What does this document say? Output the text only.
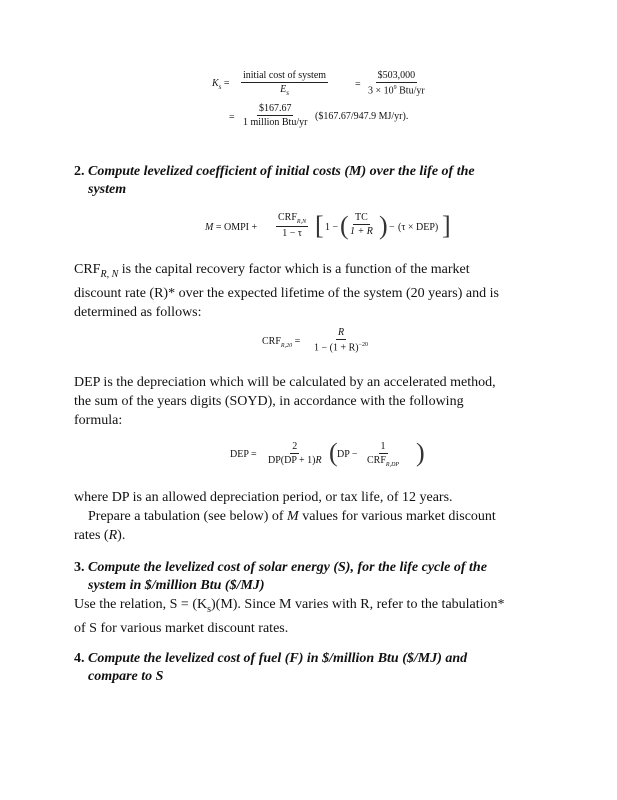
$K_s$ =
initial cost of system
$E_s$
=
$503,000
$3 \times 10^9$ Btu/yr
=
$167.67
1 million Btu/yr
($167.67/947.9 MJ/yr).
2. Compute levelized coefficient of initial costs (M) over the life of the
system
M = OMPI +
$CRF_{R,N}$
1 − τ [ 1 − ( $\frac{TC}{1 + R}$ ) − (τ × DEP) ]
$CRF_{R, N}$ is the capital recovery factor which is a function of the market
discount rate (R)* over the expected lifetime of the system (20 years) and is
determined as follows:
$CRF_{R,20} = \frac{R}{1 - (1 + R)^{-20}}$
DEP is the depreciation which will be calculated by an accelerated method,
the sum of the years digits (SOYD), in accordance with the following
formula:
DEP = $\frac{2}{DP(DP + 1)R}$ ( DP −
1
$CRF_{R,DP}$ )
where DP is an allowed depreciation period, or tax life, of 12 years.
Prepare a tabulation (see below) of M values for various market discount
rates (R).
3. Compute the levelized cost of solar energy (S), for the life cycle of the
system in $/million Btu ($/MJ)
Use the relation, $S = (K_s)(M)$. Since M varies with R, refer to the tabulation*
of S for various market discount rates.
4. Compute the levelized cost of fuel (F) in $/million Btu ($/MJ) and
compare to S
